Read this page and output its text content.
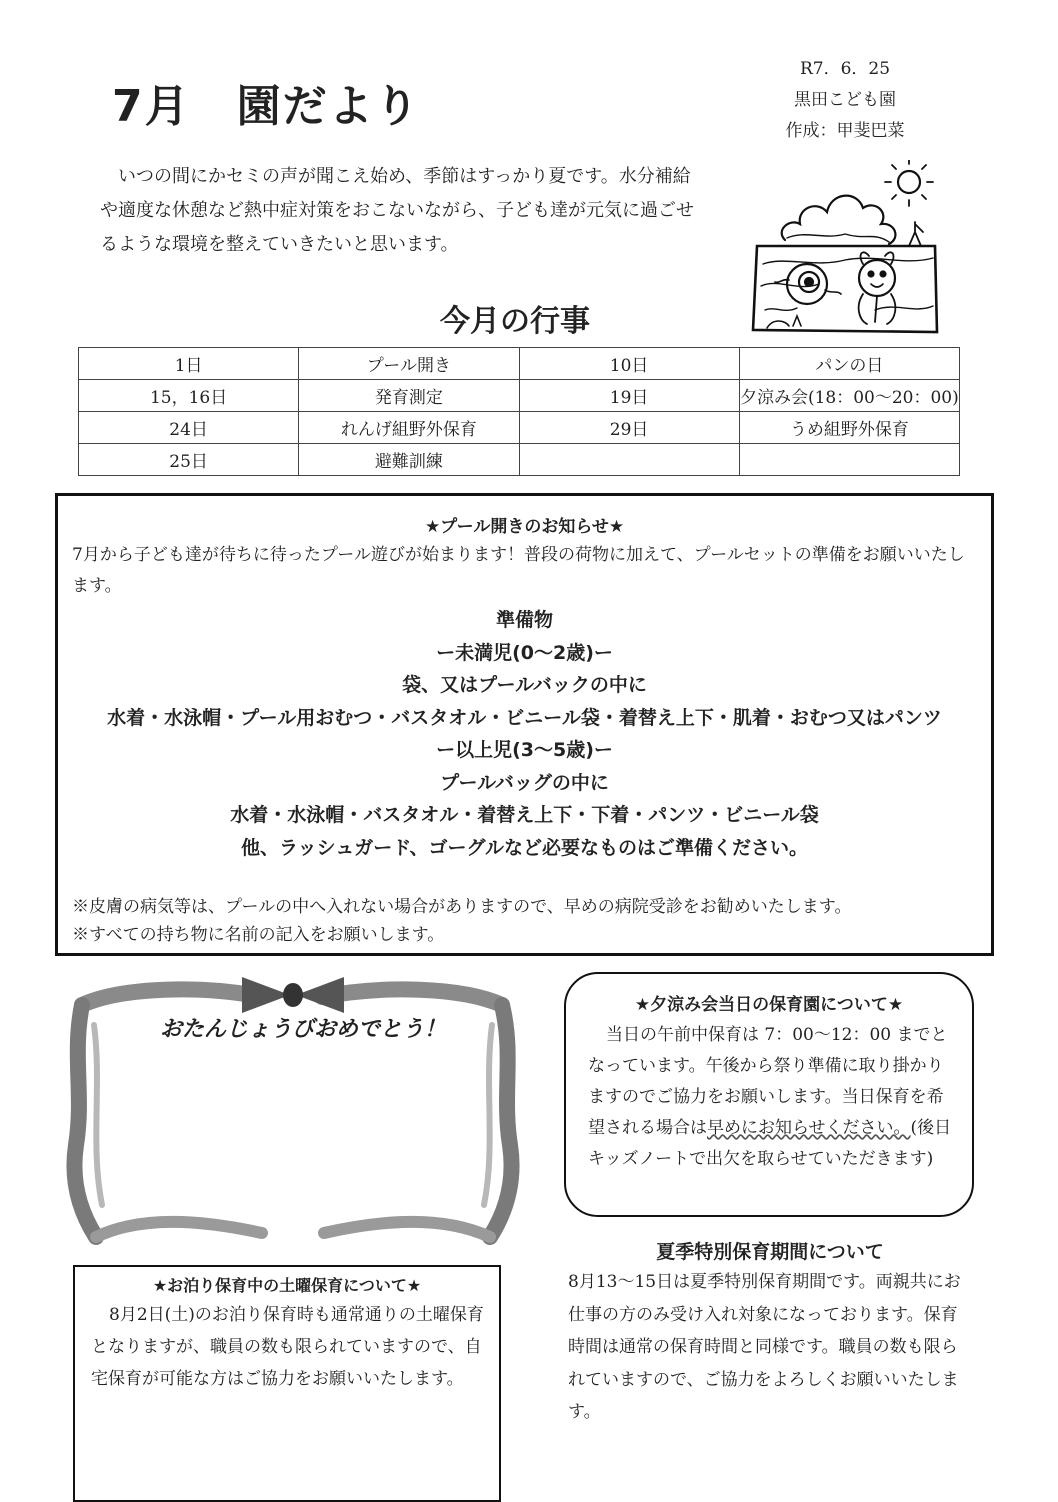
7月　園だより
R7．6．25
黒田こども園
作成：甲斐巴菜
いつの間にかセミの声が聞こえ始め、季節はすっかり夏です。水分補給や適度な休憩など熱中症対策をおこないながら、子ども達が元気に過ごせるような環境を整えていきたいと思います。
今月の行事
1日	プール開き	10日	パンの日
15，16日	発育測定	19日	夕涼み会(18：00～20：00)
24日	れんげ組野外保育	29日	うめ組野外保育
25日	避難訓練		
★プール開きのお知らせ★
7月から子ども達が待ちに待ったプール遊びが始まります！普段の荷物に加えて、プールセットの準備をお願いいたします。
準備物
ー未満児(0～2歳)ー
袋、又はプールバックの中に
水着・水泳帽・プール用おむつ・バスタオル・ビニール袋・着替え上下・肌着・おむつ又はパンツ
ー以上児(3～5歳)ー
プールバッグの中に
水着・水泳帽・バスタオル・着替え上下・下着・パンツ・ビニール袋
他、ラッシュガード、ゴーグルなど必要なものはご準備ください。
※皮膚の病気等は、プールの中へ入れない場合がありますので、早めの病院受診をお勧めいたします。
※すべての持ち物に名前の記入をお願いします。
おたんじょうびおめでとう！
★夕涼み会当日の保育園について★
当日の午前中保育は 7：00～12：00 までとなっています。午後から祭り準備に取り掛かりますのでご協力をお願いします。当日保育を希望される場合は早めにお知らせください。(後日キッズノートで出欠を取らせていただきます)
夏季特別保育期間について
8月13～15日は夏季特別保育期間です。両親共にお仕事の方のみ受け入れ対象になっております。保育時間は通常の保育時間と同様です。職員の数も限られていますので、ご協力をよろしくお願いいたします。
★お泊り保育中の土曜保育について★
8月2日(土)のお泊り保育時も通常通りの土曜保育となりますが、職員の数も限られていますので、自宅保育が可能な方はご協力をお願いいたします。
